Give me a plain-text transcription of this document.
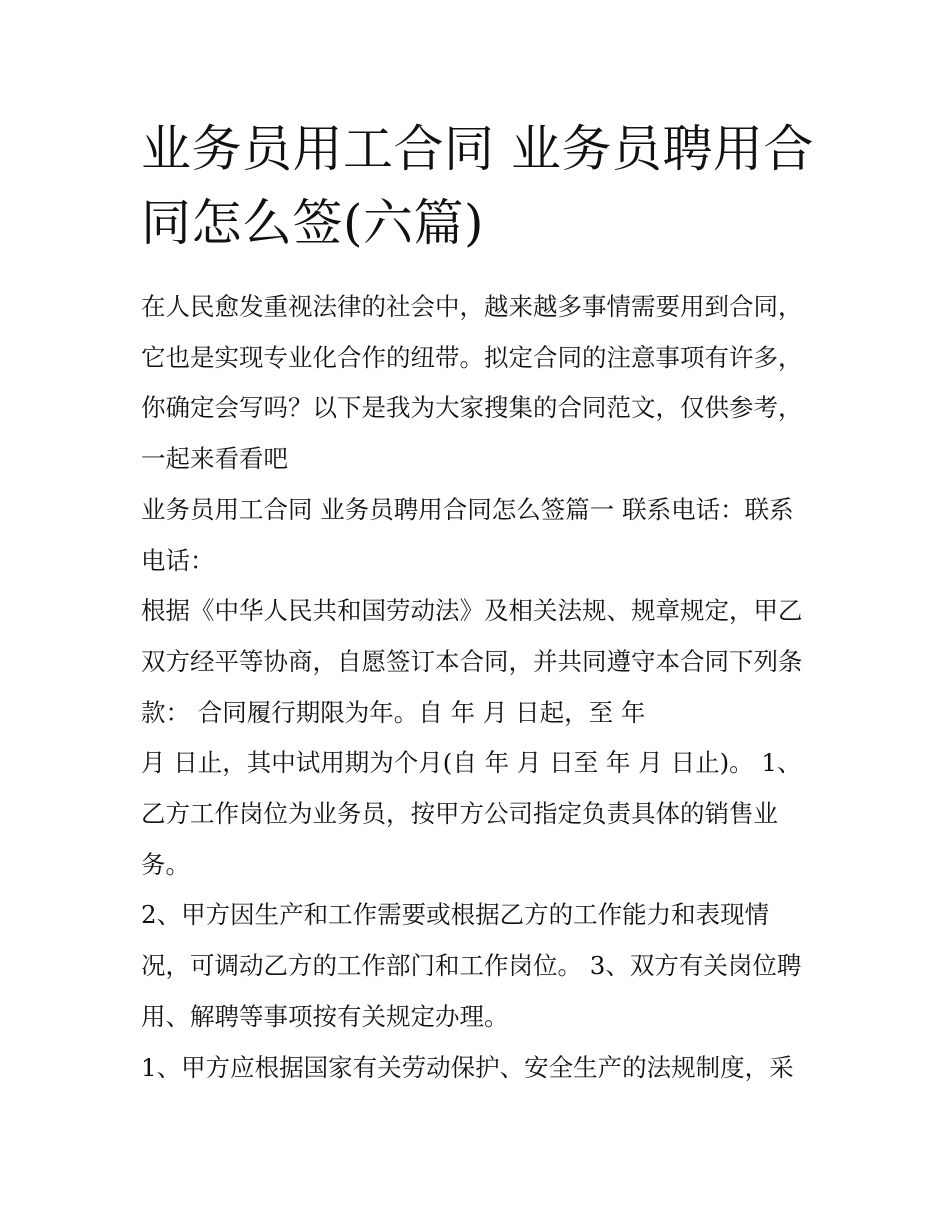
业务员用工合同 业务员聘用合
同怎么签(六篇)
在人民愈发重视法律的社会中，越来越多事情需要用到合同，
它也是实现专业化合作的纽带。拟定合同的注意事项有许多，
你确定会写吗？以下是我为大家搜集的合同范文，仅供参考，
一起来看看吧
业务员用工合同 业务员聘用合同怎么签篇一 联系电话：联系
电话：
根据《中华人民共和国劳动法》及相关法规、规章规定，甲乙
双方经平等协商，自愿签订本合同，并共同遵守本合同下列条
款： 合同履行期限为年。自 年 月 日起，至 年
月 日止，其中试用期为个月(自 年 月 日至 年 月 日止)。 1、
乙方工作岗位为业务员，按甲方公司指定负责具体的销售业
务。
2、甲方因生产和工作需要或根据乙方的工作能力和表现情
况，可调动乙方的工作部门和工作岗位。 3、双方有关岗位聘
用、解聘等事项按有关规定办理。
1、甲方应根据国家有关劳动保护、安全生产的法规制度，采
